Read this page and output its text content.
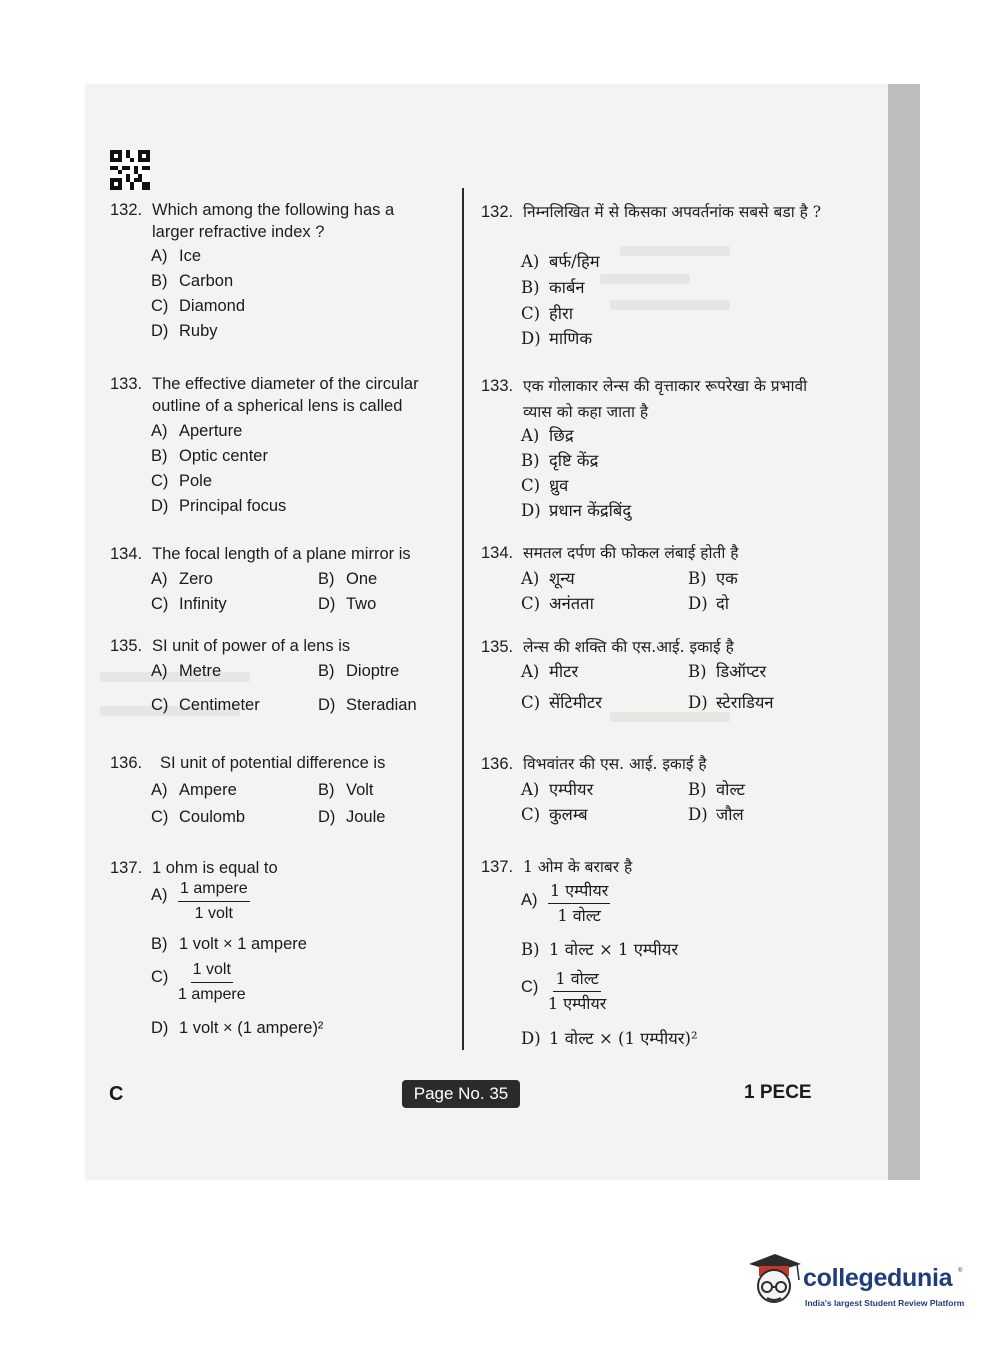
132. Which among the following has a larger refractive index ?
A) Ice
B) Carbon
C) Diamond
D) Ruby
133. The effective diameter of the circular outline of a spherical lens is called
A) Aperture
B) Optic center
C) Pole
D) Principal focus
134. The focal length of a plane mirror is
A) Zero	B) One
C) Infinity	D) Two
135. SI unit of power of a lens is
A) Metre	B) Dioptre
C) Centimeter	D) Steradian
136. SI unit of potential difference is
A) Ampere	B) Volt
C) Coulomb	D) Joule
137. 1 ohm is equal to
A) 1 ampere
1 volt
B) 1 volt × 1 ampere
C) 1 volt
1 ampere
D) 1 volt × (1 ampere)²
132. निम्नलिखित में से किसका अपवर्तनांक सबसे बडा है ?
A) बर्फ/हिम
B) कार्बन
C) हीरा
D) माणिक
133. एक गोलाकार लेन्स की वृत्ताकार रूपरेखा के प्रभावी व्यास को कहा जाता है
A) छिद्र
B) दृष्टि केंद्र
C) ध्रुव
D) प्रधान केंद्रबिंदु
134. समतल दर्पण की फोकल लंबाई होती है
A) शून्य	B) एक
C) अनंतता	D) दो
135. लेन्स की शक्ति की एस.आई. इकाई है
A) मीटर	B) डिऑप्टर
C) सेंटिमीटर	D) स्टेराडियन
136. विभवांतर की एस. आई. इकाई है
A) एम्पीयर	B) वोल्ट
C) कुलम्ब	D) जौल
137. 1 ओम के बराबर है
A) 1 एम्पीयर
1 वोल्ट
B) 1 वोल्ट × 1 एम्पीयर
C) 1 वोल्ट
1 एम्पीयर
D) 1 वोल्ट × (1 एम्पीयर)²
C	Page No. 35	1 PECE
collegedunia ®
India's largest Student Review Platform
